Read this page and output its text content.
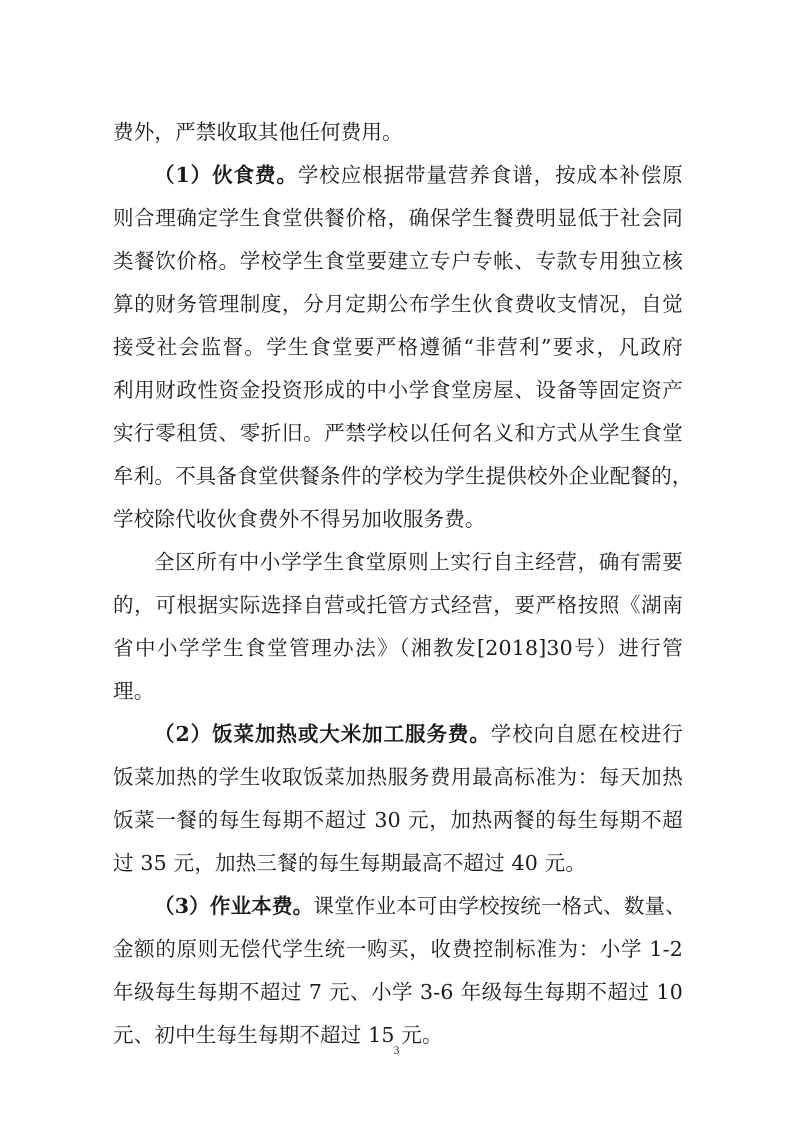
费外，严禁收取其他任何费用。
（1）伙食费。学校应根据带量营养食谱，按成本补偿原
则合理确定学生食堂供餐价格，确保学生餐费明显低于社会同
类餐饮价格。学校学生食堂要建立专户专帐、专款专用独立核
算的财务管理制度，分月定期公布学生伙食费收支情况，自觉
接受社会监督。学生食堂要严格遵循“非营利”要求，凡政府
利用财政性资金投资形成的中小学食堂房屋、设备等固定资产
实行零租赁、零折旧。严禁学校以任何名义和方式从学生食堂
牟利。不具备食堂供餐条件的学校为学生提供校外企业配餐的，
学校除代收伙食费外不得另加收服务费。
全区所有中小学学生食堂原则上实行自主经营，确有需要
的，可根据实际选择自营或托管方式经营，要严格按照《湖南
省中小学学生食堂管理办法》（湘教发[2018]30号）进行管
理。
（2）饭菜加热或大米加工服务费。学校向自愿在校进行
饭菜加热的学生收取饭菜加热服务费用最高标准为：每天加热
饭菜一餐的每生每期不超过 30 元，加热两餐的每生每期不超
过 35 元，加热三餐的每生每期最高不超过 40 元。
（3）作业本费。课堂作业本可由学校按统一格式、数量、
金额的原则无偿代学生统一购买，收费控制标准为：小学 1-2
年级每生每期不超过 7 元、小学 3-6 年级每生每期不超过 10
元、初中生每生每期不超过 15 元。
3
